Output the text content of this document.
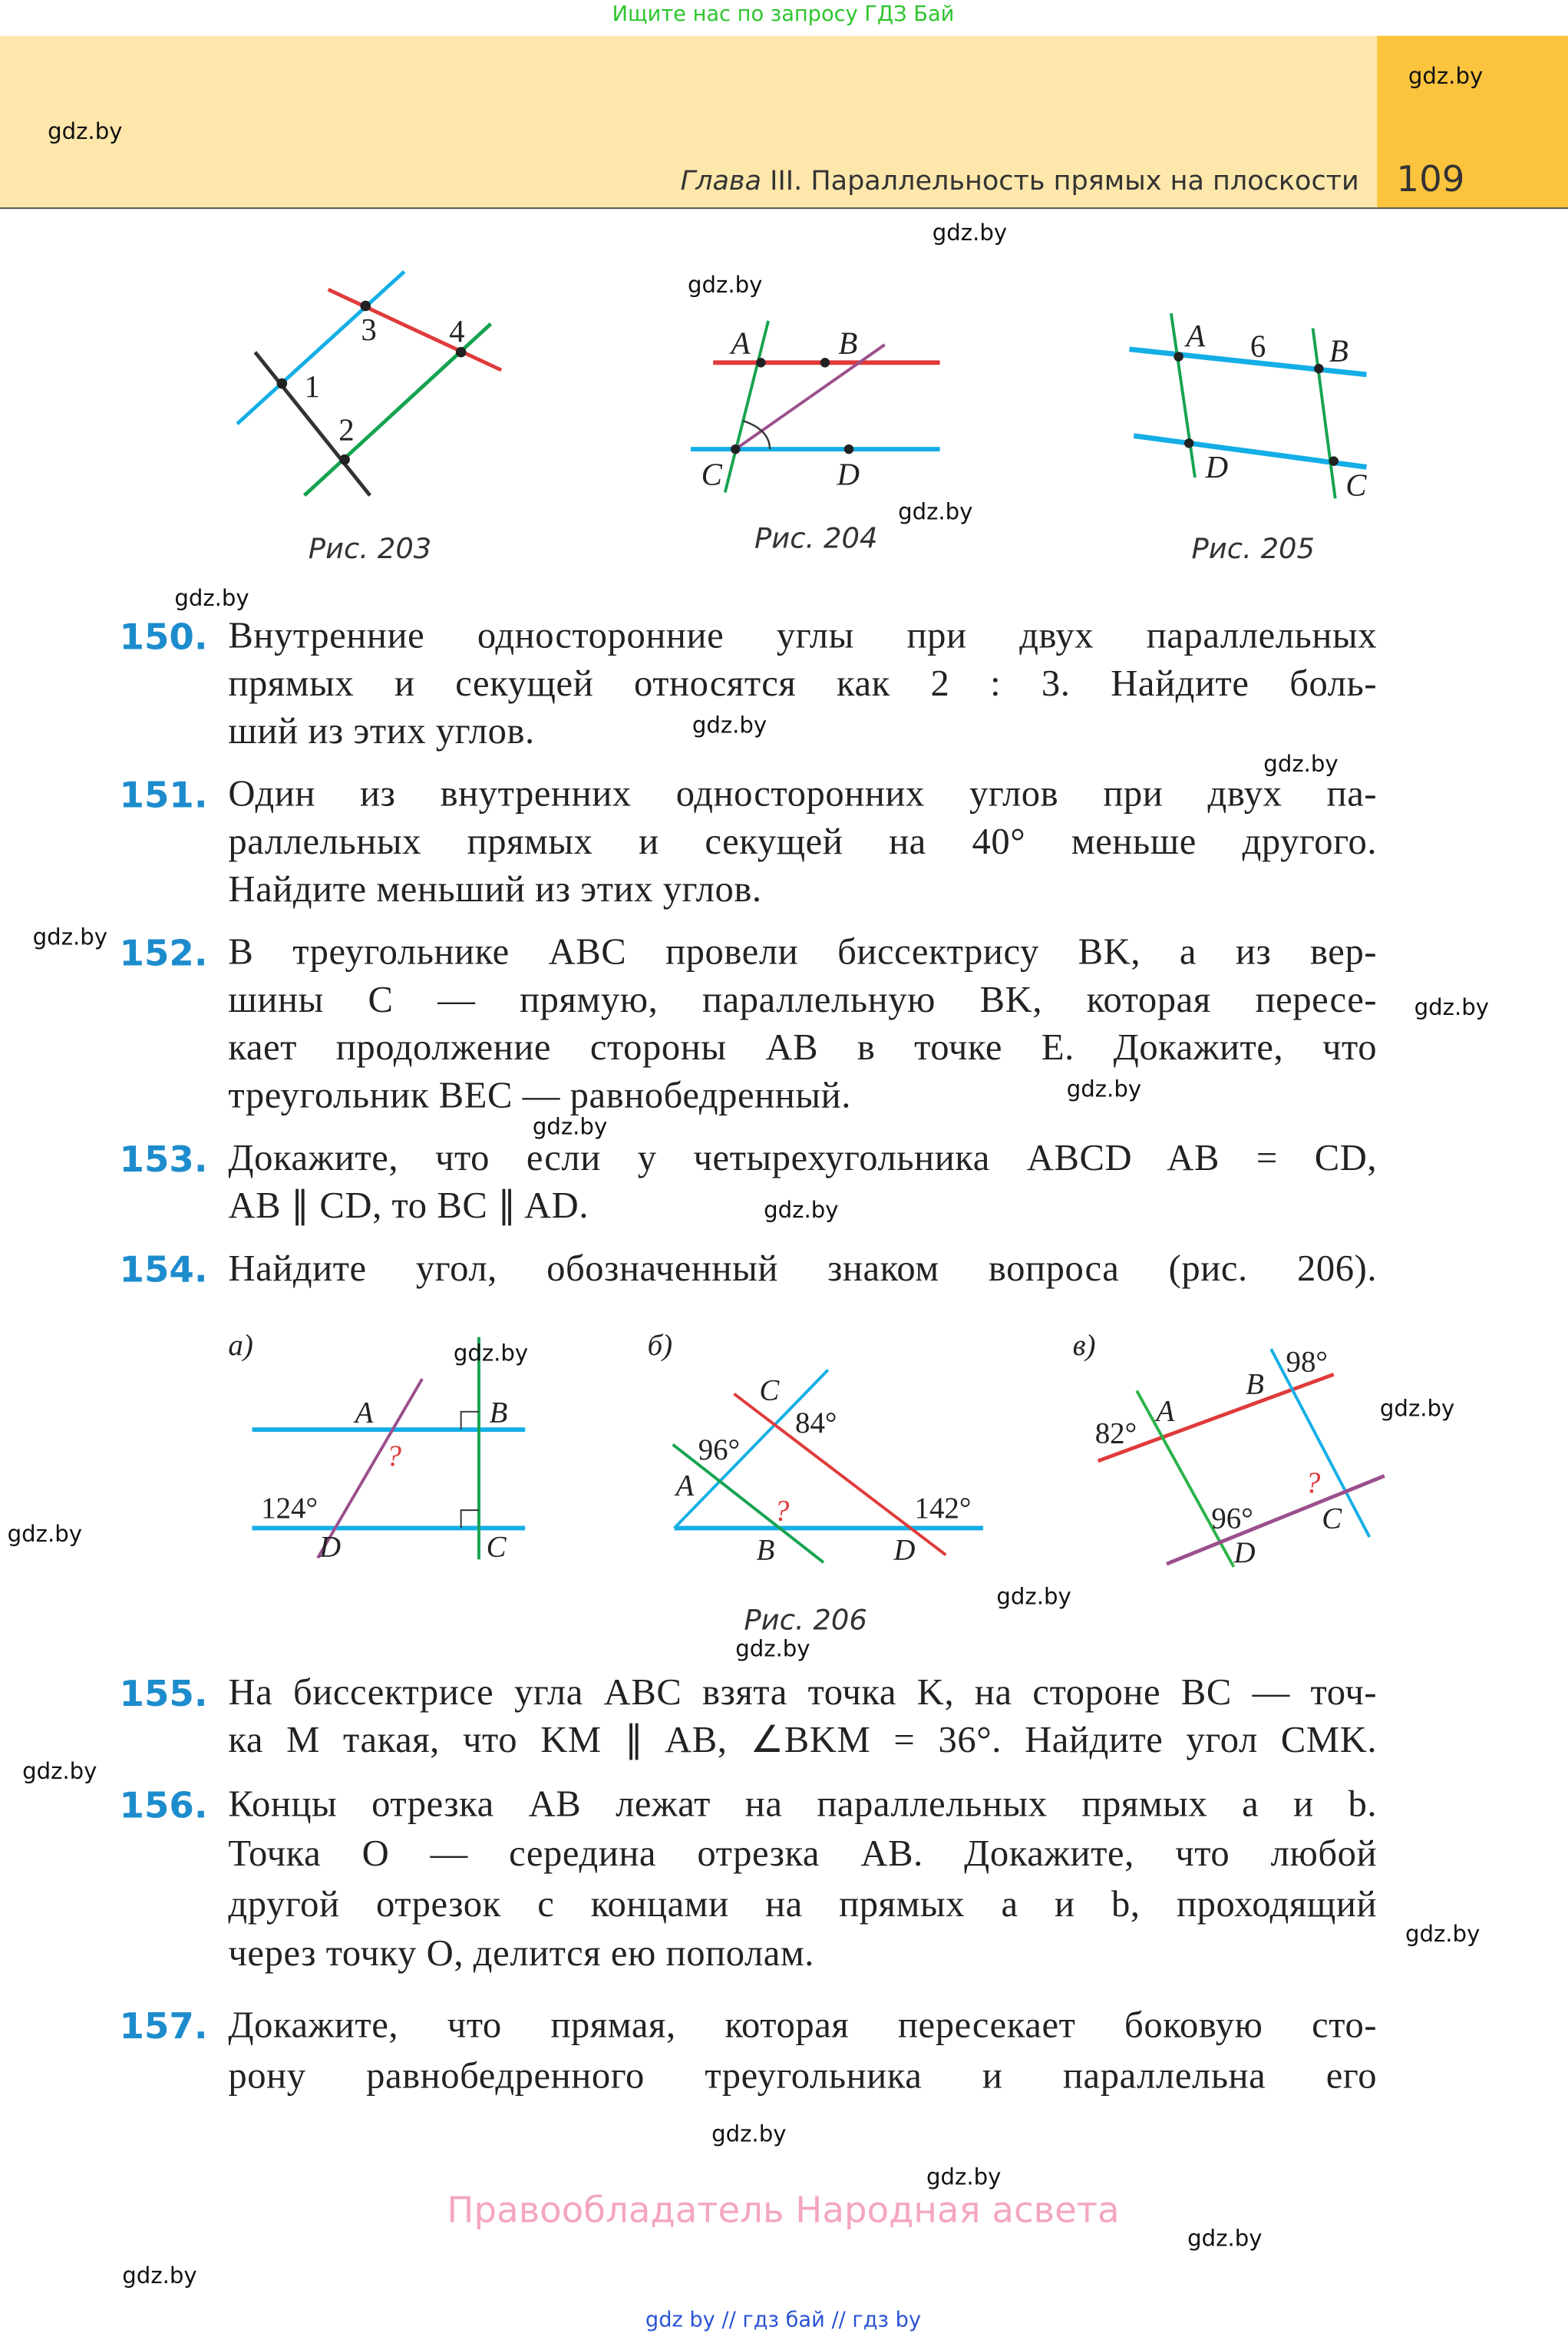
Ищите нас по запросу ГДЗ Бай
Глава III. Параллельность прямых на плоскости 109
3	4
1
2
Рис. 203
A	B
C	D
Рис. 204
A	6	B
D
C
Рис. 205
а)
A	B
?
124°
D	C
б)
C
84°
96°
A
?	142°
B	D
в)	98°
B
A
82°
?
96°	C
D
Рис. 206
150. Внутренние односторонние углы при двух параллельных
прямых и секущей относятся как 2 : 3. Найдите боль-
ший из этих углов.
151. Один из внутренних односторонних углов при двух па-
раллельных прямых и секущей на 40° меньше другого.
Найдите меньший из этих углов.
152. В треугольнике ABC провели биссектрису BK, а из вер-
шины C — прямую, параллельную BK, которая пересе-
кает продолжение стороны AB в точке E. Докажите, что
треугольник BEC — равнобедренный.
153. Докажите, что если у четырехугольника ABCD AB = CD,
AB ∥ CD, то BC ∥ AD.
154. Найдите угол, обозначенный знаком вопроса (рис. 206).
155. На биссектрисе угла ABC взята точка K, на стороне BC — точ-
ка M такая, что KM ∥ AB, ∠BKM = 36°. Найдите угол CMK.
156. Концы отрезка AB лежат на параллельных прямых a и b.
Точка O — середина отрезка AB. Докажите, что любой
другой отрезок с концами на прямых a и b, проходящий
через точку O, делится ею пополам.
157. Докажите, что прямая, которая пересекает боковую сто-
рону равнобедренного треугольника и параллельна его
gdz.by
gdz.by
gdz.by
gdz.by
gdz.by
gdz.by
gdz.by
gdz.by
gdz.by
gdz.by
gdz.by
gdz.by
gdz.by
gdz.by
gdz.by
gdz.by
gdz.by
gdz.by
gdz.by
gdz.by
gdz.by
gdz.by
gdz.by
gdz.by
Правообладатель Народная асвета
gdz by // гдз бай // гдз by
